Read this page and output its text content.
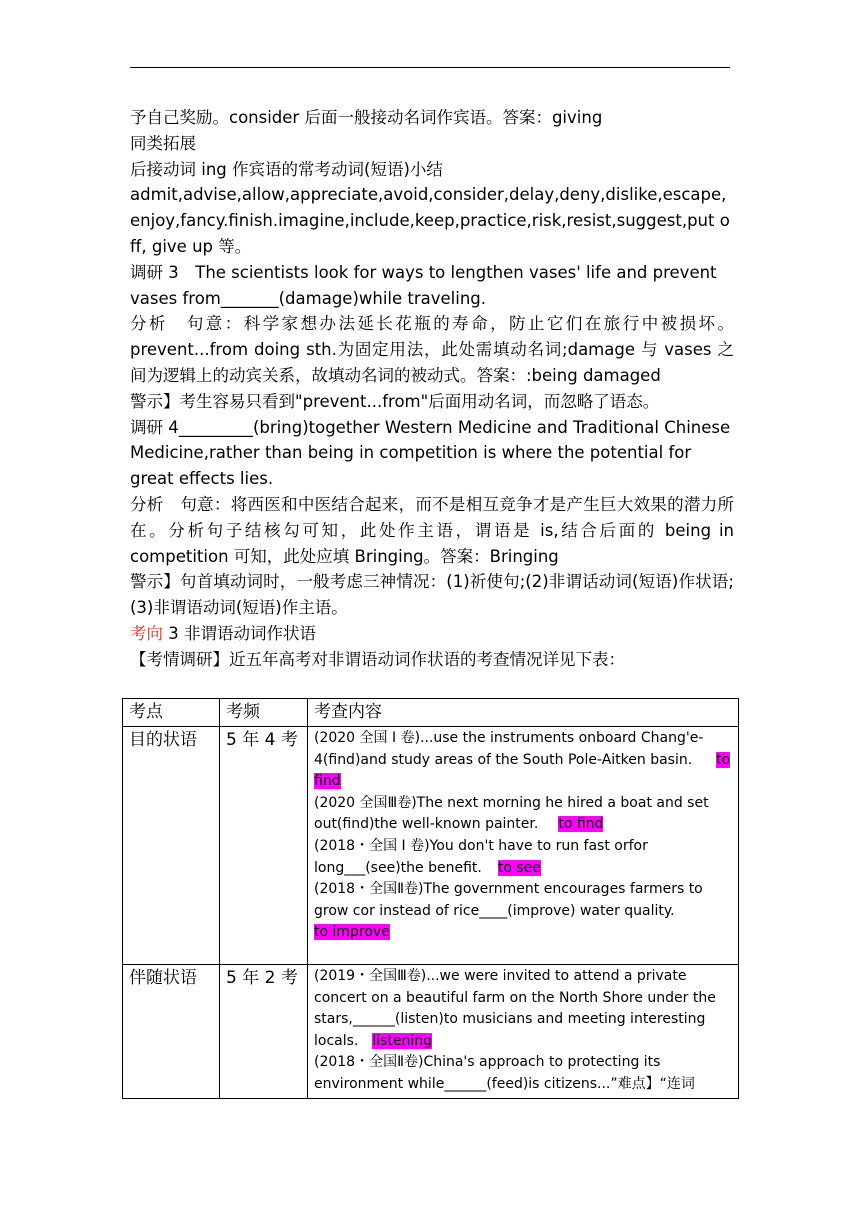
予自己奖励。consider 后面一般接动名词作宾语。答案：giving

同类拓展

后接动词 ing 作宾语的常考动词(短语)小结

admit,advise,allow,appreciate,avoid,consider,delay,deny,dislike,escape,enjoy,fancy.finish.imagine,include,keep,practice,risk,resist,suggest,put off, give up 等。

调研 3　The scientists look for ways to lengthen vases' life and prevent vases from_______(damage)while traveling.

分析　句意：科学家想办法延长花瓶的寿命，防止它们在旅行中被损坏。prevent...from doing sth.为固定用法，此处需填动名词;damage 与 vases 之间为逻辑上的动宾关系，故填动名词的被动式。答案：:being damaged

警示】考生容易只看到"prevent...from"后面用动名词，而忽略了语态。

调研 4_________(bring)together Western Medicine and Traditional Chinese Medicine,rather than being in competition is where the potential for great effects lies.

分析　句意：将西医和中医结合起来，而不是相互竞争才是产生巨大效果的潜力所在。分析句子结核勾可知，此处作主语，谓语是 is,结合后面的 being in competition 可知，此处应填 Bringing。答案：Bringing

警示】句首填动词时，一般考虑三神情况：(1)祈使句;(2)非谓话动词(短语)作状语;(3)非谓语动词(短语)作主语。

考向 3 非谓语动词作状语

【考情调研】近五年高考对非谓语动词作状语的考查情况详见下表：

考点	考频	考查内容
目的状语	5 年 4 考	(2020 全国 I 卷)...use the instruments onboard Chang'e-4(find)and study areas of the South Pole-Aitken basin. to find
(2020 全国Ⅲ卷)The next morning he hired a boat and set out(find)the well-known painter. to find
(2018・全国 I 卷)You don't have to run fast orfor long___(see)the benefit. to see
(2018・全国Ⅱ卷)The government encourages farmers to grow cor instead of rice____(improve) water quality.to improve

伴随状语	5 年 2 考	(2019・全国Ⅲ卷)...we were invited to attend a private concert on a beautiful farm on the North Shore under the stars,______(listen)to musicians and meeting interesting locals. listening
(2018・全国Ⅱ卷)China's approach to protecting its environment while______(feed)is citizens...”难点】“连词
